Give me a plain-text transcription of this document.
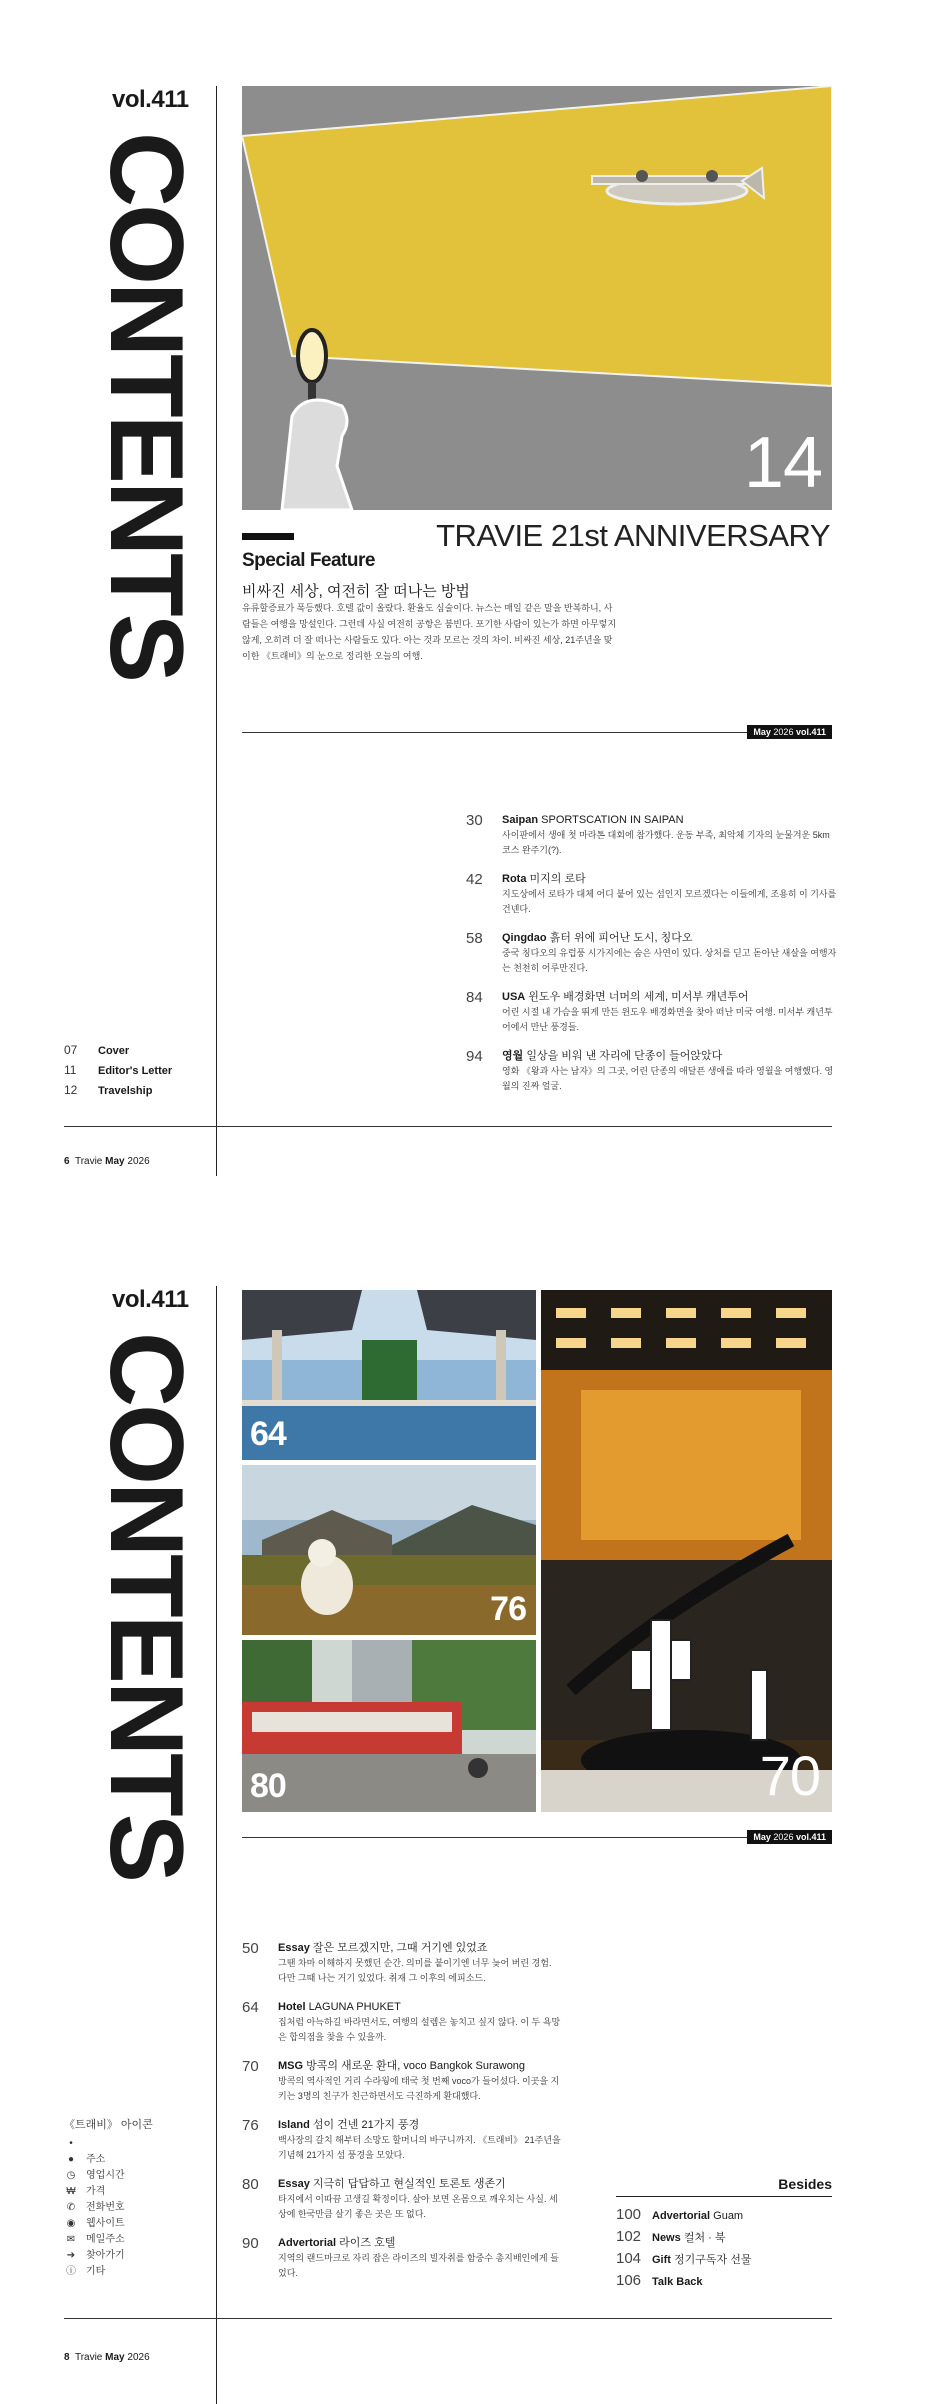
vol.411
CONTENTS	14
TRAVIE 21st ANNIVERSARY
Special Feature
비싸진 세상, 여전히 잘 떠나는 방법
유류할증료가 폭등했다. 호텔 값이 올랐다. 환율도 심술이다. 뉴스는 매일 같은 말을 반복하니, 사람들은 여행을 망설인다. 그런데 사실 여전히 공항은 붐빈다. 포기한 사람이 있는가 하면 아무렇지 않게, 오히려 더 잘 떠나는 사람들도 있다. 아는 것과 모르는 것의 차이. 비싸진 세상, 21주년을 맞이한 《트래비》의 눈으로 정리한 오늘의 여행.
May 2026 vol.411
30 Saipan SPORTSCATION IN SAIPAN
사이판에서 생애 첫 마라톤 대회에 참가했다. 운동 부족, 최악체 기자의 눈물겨운 5km 코스 완주기(?).
42 Rota 미지의 로타
지도상에서 로타가 대체 어디 붙어 있는 섬인지 모르겠다는 이들에게, 조용히 이 기사를 건넨다.
58 Qingdao 흙터 위에 피어난 도시, 칭다오
중국 칭다오의 유럽풍 시가지에는 숨은 사연이 있다. 상처를 딛고 돋아난 새살을 여행자는 천천히 어루만진다.
84 USA 윈도우 배경화면 너머의 세계, 미서부 캐년투어
어린 시절 내 가슴을 뛰게 만든 윈도우 배경화면을 찾아 떠난 미국 여행. 미서부 캐년투어에서 만난 풍경들.
94 영월 일상을 비워 낸 자리에 단종이 들어앉았다
영화 《왕과 사는 남자》의 그곳, 어린 단종의 애달픈 생애를 따라 영월을 여행했다. 영월의 진짜 얼굴.
07 Cover
11 Editor's Letter
12 Travelship
6 Travie May 2026
vol.411
CONTENTS 64
76
80	70
May 2026 vol.411
50 Essay 잘은 모르겠지만, 그때 거기엔 있었죠
그땐 차마 이해하지 못했던 순간. 의미를 붙이기엔 너무 늦어 버린 경험. 다만 그때 나는 거기 있었다. 취재 그 이후의 에피소드.
64 Hotel LAGUNA PHUKET
집처럼 아늑하길 바라면서도, 여행의 설렘은 놓치고 싶지 않다. 이 두 욕망은 합의점을 찾을 수 있을까.
70 MSG 방콕의 새로운 환대, voco Bangkok Surawong
방콕의 역사적인 거리 수라웡에 태국 첫 번째 voco가 들어섰다. 이곳을 지키는 3명의 친구가 친근하면서도 극진하게 환대했다.
76 Island 섬이 건넨 21가지 풍경
백사장의 갈치 해부터 소망도 할머니의 바구니까지. 《트래비》 21주년을 기념해 21가지 섬 풍경을 모았다.
80 Essay 지극히 답답하고 현실적인 토론토 생존기
타지에서 이따끔 고생길 확정이다. 살아 보면 온몸으로 깨우치는 사실. 세상에 한국만큼 살기 좋은 곳은 또 없다.
90 Advertorial 라이즈 호텔
지역의 랜드마크로 자리 잡은 라이즈의 빌자취를 함중수 총지배인에게 들었다.
《트래비》 아이콘
•
● 주소
◷ 영업시간
₩ 가격
✆ 전화번호
◉ 웹사이트
✉ 메일주소
➔ 찾아가기
ⓘ 기타
Besides
100 Advertorial Guam
102 News 컬처 · 북
104 Gift 정기구독자 선물
106 Talk Back
8 Travie May 2026
